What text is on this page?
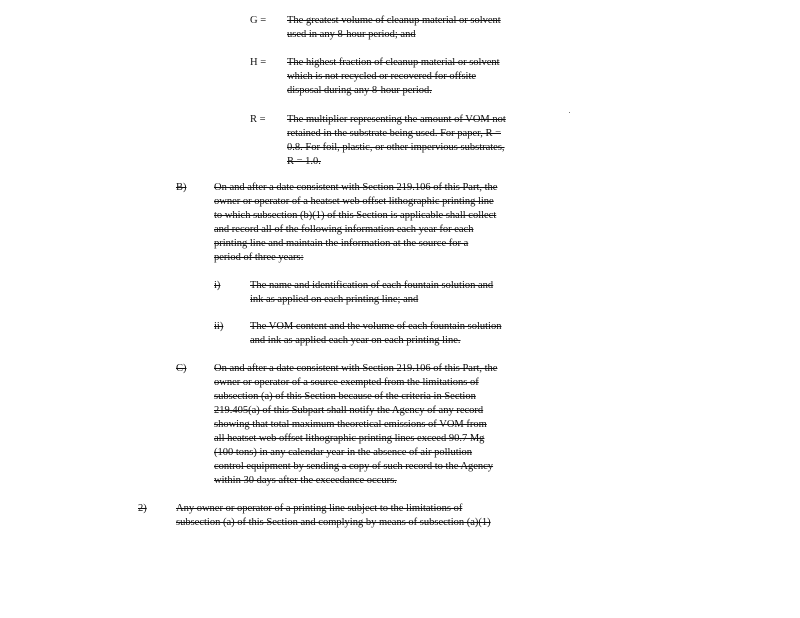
G = The greatest volume of cleanup material or solvent
used in any 8-hour period; and
H = The highest fraction of cleanup material or solvent
which is not recycled or recovered for offsite
disposal during any 8-hour period.
R = The multiplier representing the amount of VOM not
retained in the substrate being used. For paper, R =
0.8. For foil, plastic, or other impervious substrates,
R = 1.0.
B)	On and after a date consistent with Section 219.106 of this Part, the
owner or operator of a heatset web offset lithographic printing line
to which subsection (b)(1) of this Section is applicable shall collect
and record all of the following information each year for each
printing line and maintain the information at the source for a
period of three years:
i)	The name and identification of each fountain solution and
ink as applied on each printing line; and
ii)	The VOM content and the volume of each fountain solution
and ink as applied each year on each printing line.
C)	On and after a date consistent with Section 219.106 of this Part, the
owner or operator of a source exempted from the limitations of
subsection (a) of this Section because of the criteria in Section
219.405(a) of this Subpart shall notify the Agency of any record
showing that total maximum theoretical emissions of VOM from
all heatset web offset lithographic printing lines exceed 90.7 Mg
(100 tons) in any calendar year in the absence of air pollution
control equipment by sending a copy of such record to the Agency
within 30 days after the exceedance occurs.
2)	Any owner or operator of a printing line subject to the limitations of
subsection (a) of this Section and complying by means of subsection (a)(1)
